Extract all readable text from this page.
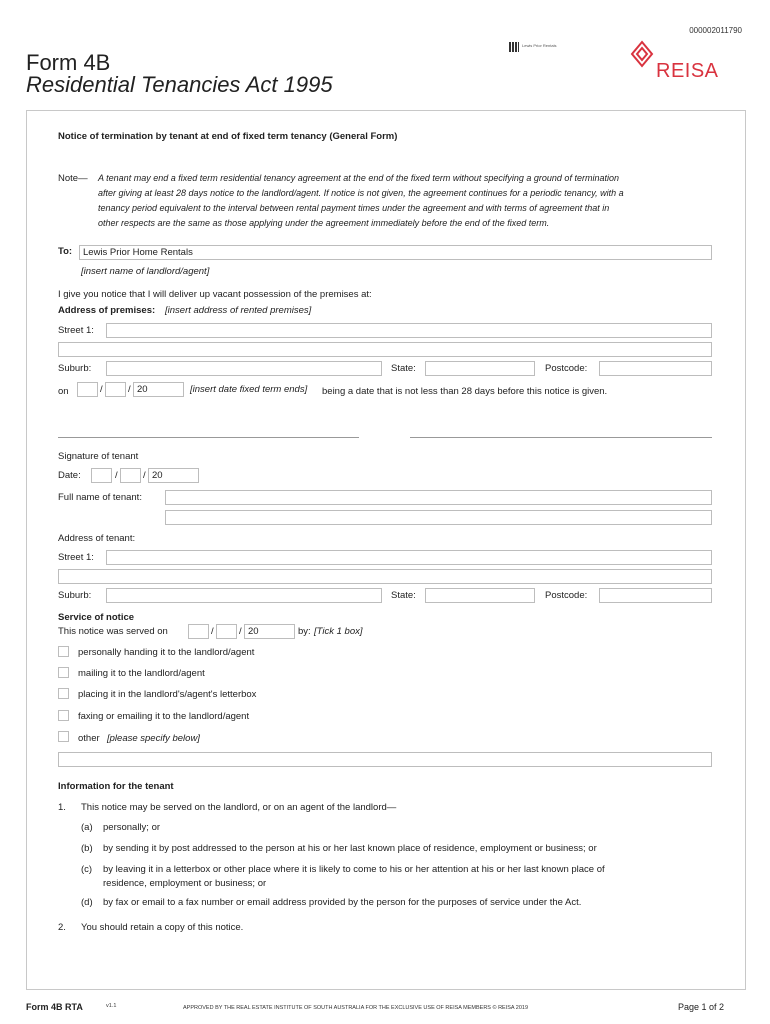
000002011790
Lewis Prior Rentals
REISA
Form 4B
Residential Tenancies Act 1995
Notice of termination by tenant at end of fixed term tenancy (General Form)
Note— A tenant may end a fixed term residential tenancy agreement at the end of the fixed term without specifying a ground of termination
after giving at least 28 days notice to the landlord/agent. If notice is not given, the agreement continues for a periodic tenancy, with a
tenancy period equivalent to the interval between rental payment times under the agreement and with terms of agreement that in
other respects are the same as those applying under the agreement immediately before the end of the fixed term.
To:	Lewis Prior Home Rentals
[insert name of landlord/agent]
I give you notice that I will deliver up vacant possession of the premises at:
Address of premises: [insert address of rented premises]
Street 1:
Suburb:	State:	Postcode:
on	/	/ 20	[insert date fixed term ends] being a date that is not less than 28 days before this notice is given.
Signature of tenant
Date:	/	/ 20
Full name of tenant:
Address of tenant:
Street 1:
Suburb:	State:	Postcode:
Service of notice
This notice was served on	/	/ 20	by: [Tick 1 box]
personally handing it to the landlord/agent
mailing it to the landlord/agent
placing it in the landlord's/agent's letterbox
faxing or emailing it to the landlord/agent
other [please specify below]
Information for the tenant
1. This notice may be served on the landlord, or on an agent of the landlord—
(a) personally; or
(b) by sending it by post addressed to the person at his or her last known place of residence, employment or business; or
(c) by leaving it in a letterbox or other place where it is likely to come to his or her attention at his or her last known place of
residence, employment or business; or
(d) by fax or email to a fax number or email address provided by the person for the purposes of service under the Act.
2. You should retain a copy of this notice.
Form 4B RTA	v1.1	APPROVED BY THE REAL ESTATE INSTITUTE OF SOUTH AUSTRALIA FOR THE EXCLUSIVE USE OF REISA MEMBERS © REISA 2019	Page 1 of 2
